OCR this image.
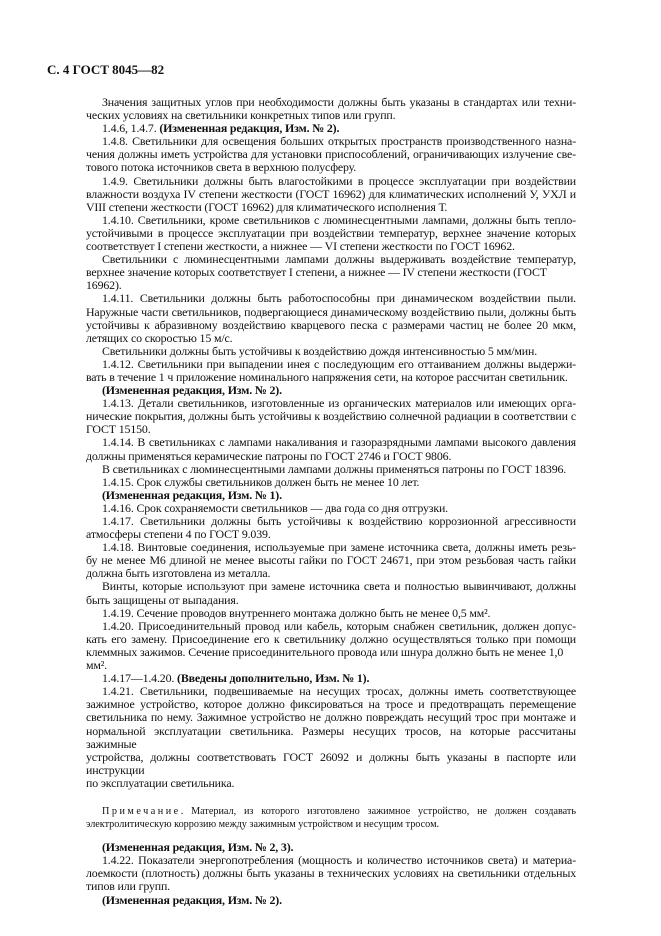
С. 4 ГОСТ 8045—82
Значения защитных углов при необходимости должны быть указаны в стандартах или техни-
ческих условиях на светильники конкретных типов или групп.
1.4.6, 1.4.7. (Измененная редакция, Изм. № 2).
1.4.8. Светильники для освещения больших открытых пространств производственного назна-
чения должны иметь устройства для установки приспособлений, ограничивающих излучение све-
тового потока источников света в верхнюю полусферу.
1.4.9. Светильники должны быть влагостойкими в процессе эксплуатации при воздействии
влажности воздуха IV степени жесткости (ГОСТ 16962) для климатических исполнений У, УХЛ и
VIII степени жесткости (ГОСТ 16962) для климатического исполнения Т.
1.4.10. Светильники, кроме светильников с люминесцентными лампами, должны быть тепло-
устойчивыми в процессе эксплуатации при воздействии температур, верхнее значение которых
соответствует I степени жесткости, а нижнее — VI степени жесткости по ГОСТ 16962.
Светильники с люминесцентными лампами должны выдерживать воздействие температур,
верхнее значение которых соответствует I степени, а нижнее — IV степени жесткости (ГОСТ 16962).
1.4.11. Светильники должны быть работоспособны при динамическом воздействии пыли.
Наружные части светильников, подвергающиеся динамическому воздействию пыли, должны быть
устойчивы к абразивному воздействию кварцевого песка с размерами частиц не более 20 мкм,
летящих со скоростью 15 м/с.
Светильники должны быть устойчивы к воздействию дождя интенсивностью 5 мм/мин.
1.4.12. Светильники при выпадении инея с последующим его оттаиванием должны выдержи-
вать в течение 1 ч приложение номинального напряжения сети, на которое рассчитан светильник.
(Измененная редакция, Изм. № 2).
1.4.13. Детали светильников, изготовленные из органических материалов или имеющих орга-
нические покрытия, должны быть устойчивы к воздействию солнечной радиации в соответствии с
ГОСТ 15150.
1.4.14. В светильниках с лампами накаливания и газоразрядными лампами высокого давления
должны применяться керамические патроны по ГОСТ 2746 и ГОСТ 9806.
В светильниках с люминесцентными лампами должны применяться патроны по ГОСТ 18396.
1.4.15. Срок службы светильников должен быть не менее 10 лет.
(Измененная редакция, Изм. № 1).
1.4.16. Срок сохраняемости светильников — два года со дня отгрузки.
1.4.17. Светильники должны быть устойчивы к воздействию коррозионной агрессивности
атмосферы степени 4 по ГОСТ 9.039.
1.4.18. Винтовые соединения, используемые при замене источника света, должны иметь резь-
бу не менее М6 длиной не менее высоты гайки по ГОСТ 24671, при этом резьбовая часть гайки
должна быть изготовлена из металла.
Винты, которые используют при замене источника света и полностью вывинчивают, должны
быть защищены от выпадания.
1.4.19. Сечение проводов внутреннего монтажа должно быть не менее 0,5 мм².
1.4.20. Присоединительный провод или кабель, которым снабжен светильник, должен допус-
кать его замену. Присоединение его к светильнику должно осуществляться только при помощи
клеммных зажимов. Сечение присоединительного провода или шнура должно быть не менее 1,0 мм².
1.4.17—1.4.20. (Введены дополнительно, Изм. № 1).
1.4.21. Светильники, подвешиваемые на несущих тросах, должны иметь соответствующее
зажимное устройство, которое должно фиксироваться на тросе и предотвращать перемещение
светильника по нему. Зажимное устройство не должно повреждать несущий трос при монтаже и
нормальной эксплуатации светильника. Размеры несущих тросов, на которые рассчитаны зажимные
устройства, должны соответствовать ГОСТ 26092 и должны быть указаны в паспорте или инструкции
по эксплуатации светильника.
Примечание. Материал, из которого изготовлено зажимное устройство, не должен создавать
электролитическую коррозию между зажимным устройством и несущим тросом.
(Измененная редакция, Изм. № 2, 3).
1.4.22. Показатели энергопотребления (мощность и количество источников света) и материа-
лоемкости (плотность) должны быть указаны в технических условиях на светильники отдельных
типов или групп.
(Измененная редакция, Изм. № 2).
